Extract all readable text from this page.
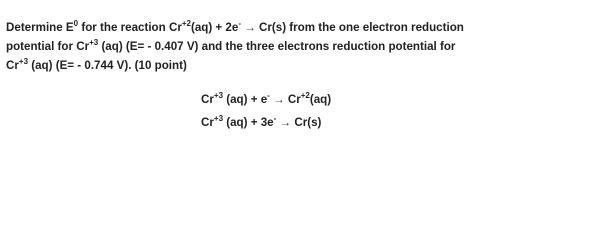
Determine $E^0$ for the reaction $Cr^{+2}(aq) + 2e^- \to Cr(s)$ from the one electron reduction
potential for $Cr^{+3}$ (aq) (E= - 0.407 V) and the three electrons reduction potential for
$Cr^{+3}$ (aq) (E= - 0.744 V). (10 point)
$Cr^{+3}$ $(aq) + e^- \to Cr^{+2}(aq)$
$Cr^{+3}$ (aq) + 3e- → Cr(s)
